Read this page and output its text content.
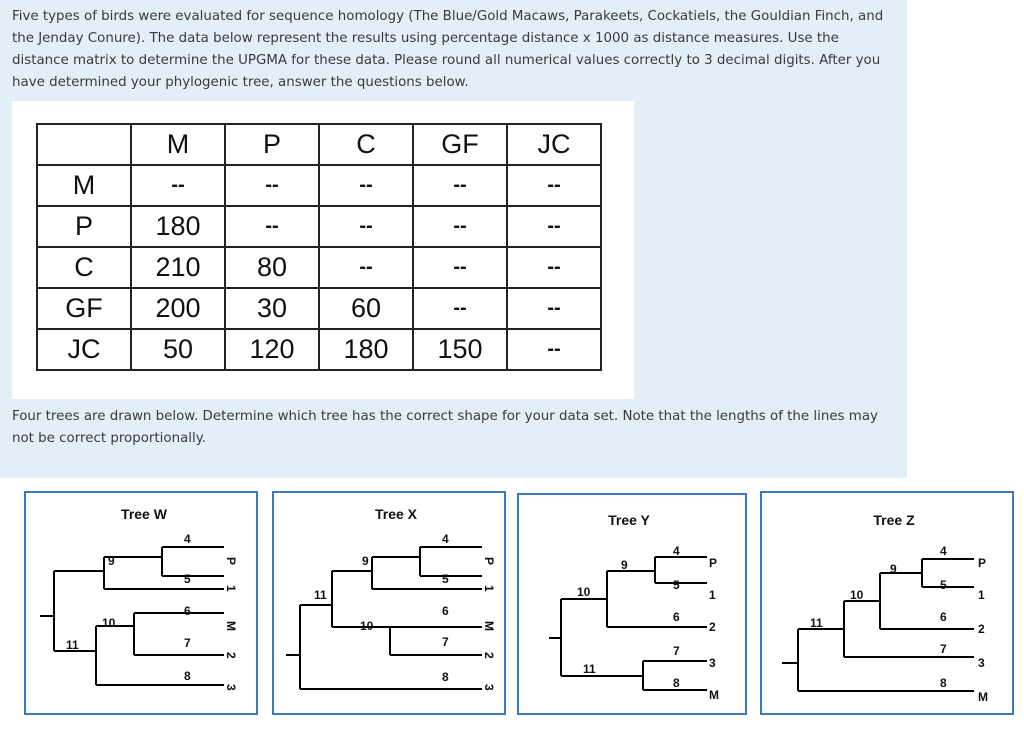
Five types of birds were evaluated for sequence homology (The Blue/Gold Macaws, Parakeets, Cockatiels, the Gouldian Finch, and the Jenday Conure). The data below represent the results using percentage distance x 1000 as distance measures. Use the distance matrix to determine the UPGMA for these data. Please round all numerical values correctly to 3 decimal digits. After you have determined your phylogenic tree, answer the questions below.
	M	P	C	GF	JC
M	--	--	--	--	--
P	180	--	--	--	--
C	210	80	--	--	--
GF	200	30	60	--	--
JC	50	120	180	150	--
Four trees are drawn below. Determine which tree has the correct shape for your data set. Note that the lengths of the lines may not be correct proportionally.
Tree W
9
4
5
6
10
11	7
8
P
1
M
2
3
Tree X
9
4
5
6
10
11
7
8
P
1
M
2
3
Tree Y
9
4
5
6
10
11
7
8
P
1
2
3
M
Tree Z
9
4
5
6
10
11
7
8
P
1
2
3
M
